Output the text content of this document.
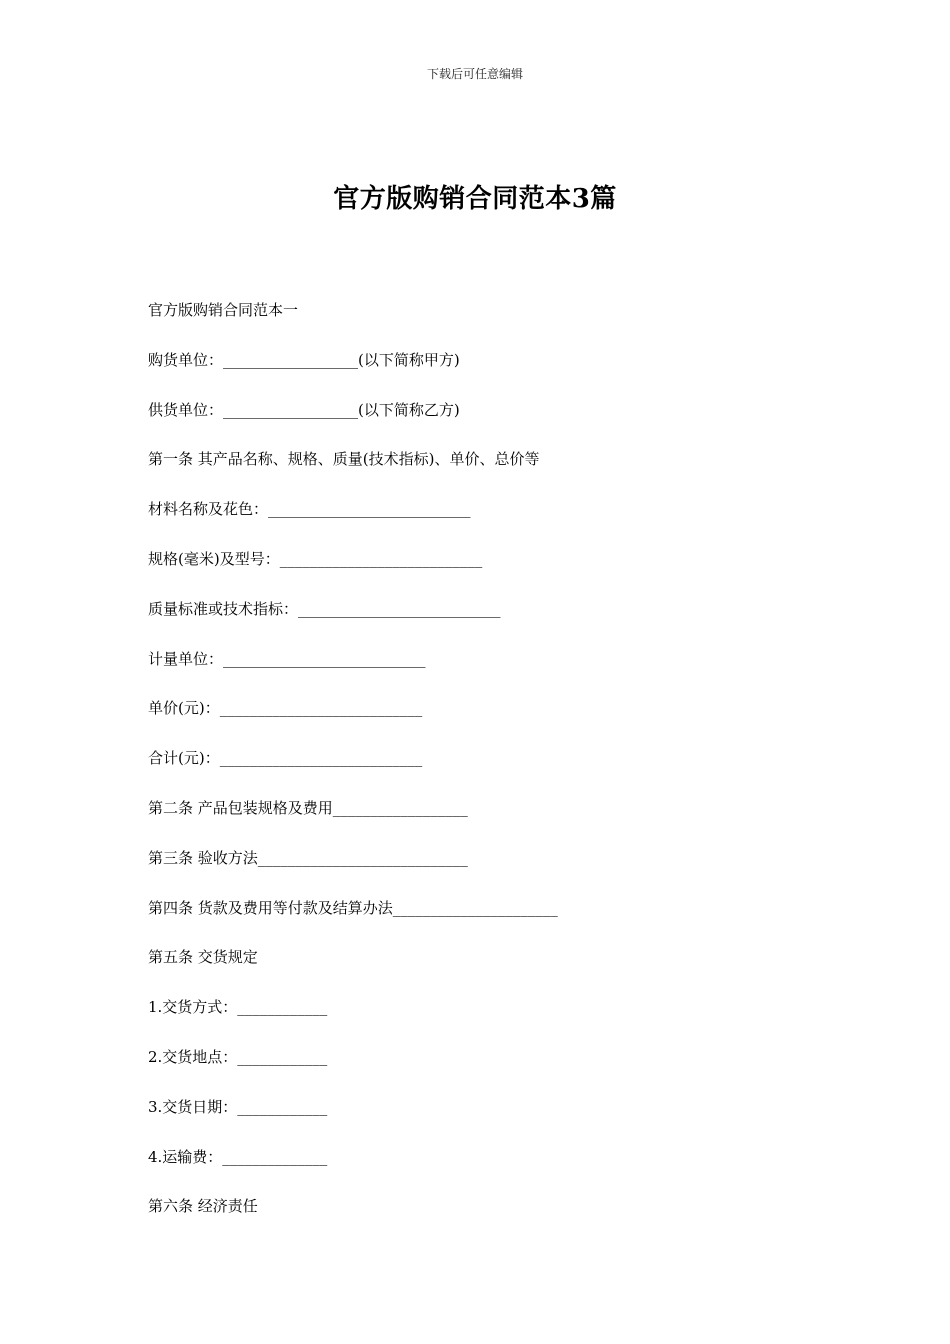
下载后可任意编辑
官方版购销合同范本3篇
官方版购销合同范本一
购货单位：__________________(以下简称甲方)
供货单位：__________________(以下简称乙方)
第一条 其产品名称、规格、质量(技术指标)、单价、总价等
材料名称及花色：___________________________
规格(毫米)及型号：___________________________
质量标准或技术指标：___________________________
计量单位：___________________________
单价(元)：___________________________
合计(元)：___________________________
第二条 产品包装规格及费用__________________
第三条 验收方法____________________________
第四条 货款及费用等付款及结算办法______________________
第五条 交货规定
1.交货方式：____________
2.交货地点：____________
3.交货日期：____________
4.运输费：______________
第六条 经济责任
